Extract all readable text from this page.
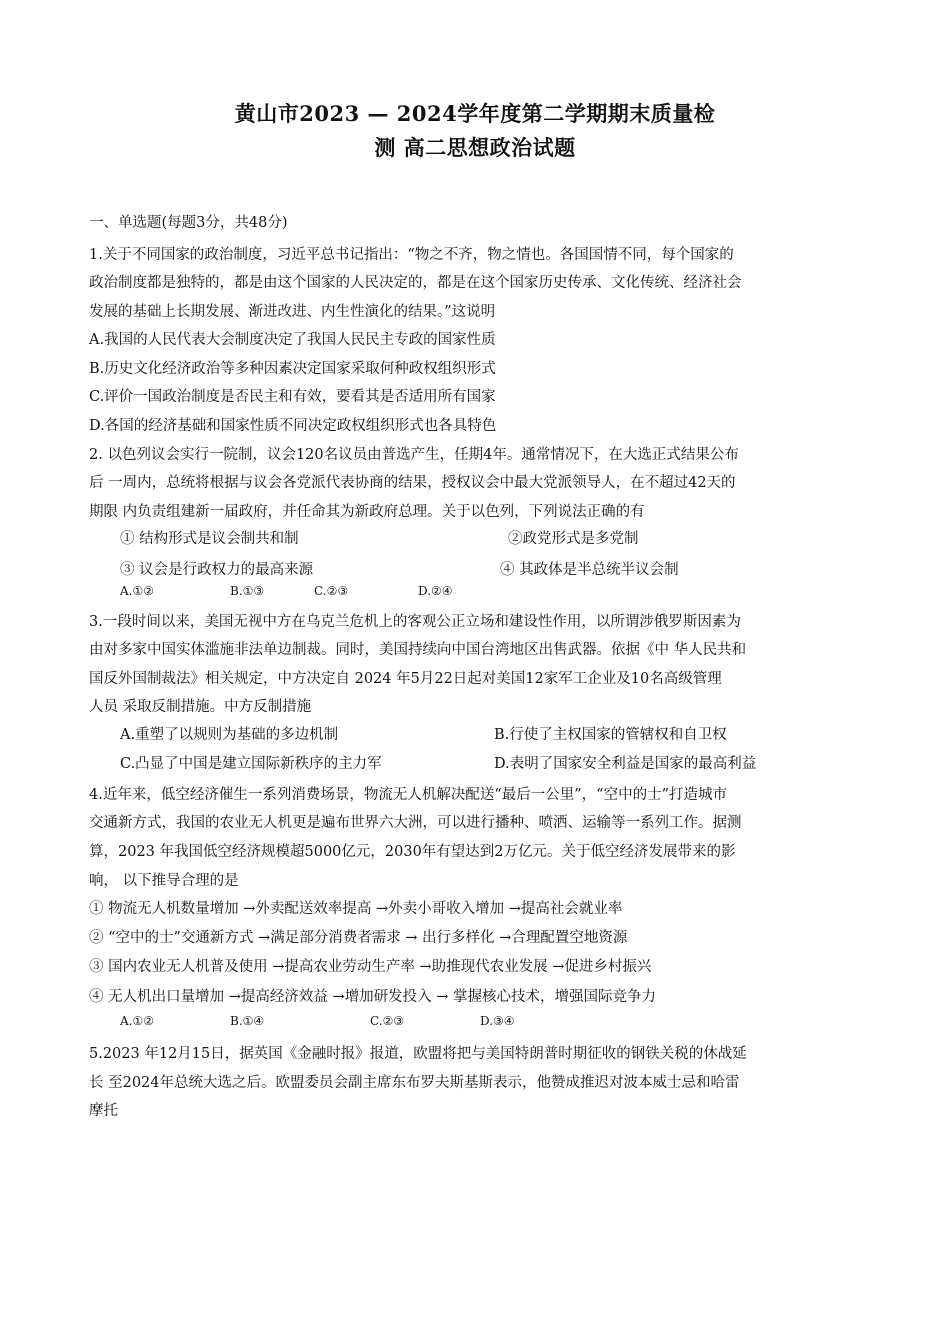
黄山市2023 — 2024学年度第二学期期末质量检
测 高二思想政治试题
一、单选题(每题3分，共48分)
1.关于不同国家的政治制度，习近平总书记指出：“物之不齐，物之情也。各国国情不同，每个国家的
政治制度都是独特的，都是由这个国家的人民决定的，都是在这个国家历史传承、文化传统、经济社会
发展的基础上长期发展、渐进改进、内生性演化的结果。”这说明
A.我国的人民代表大会制度决定了我国人民民主专政的国家性质
B.历史文化经济政治等多种因素决定国家采取何种政权组织形式
C.评价一国政治制度是否民主和有效，要看其是否适用所有国家
D.各国的经济基础和国家性质不同决定政权组织形式也各具特色
2. 以色列议会实行一院制，议会120名议员由普选产生，任期4年。通常情况下，在大选正式结果公布
后 一周内，总统将根据与议会各党派代表协商的结果，授权议会中最大党派领导人，在不超过42天的
期限 内负责组建新一届政府，并任命其为新政府总理。关于以色列，下列说法正确的有
① 结构形式是议会制共和制	②政党形式是多党制
③ 议会是行政权力的最高来源	④ 其政体是半总统半议会制
A.①②	B.①③	C.②③	D.②④
3.一段时间以来，美国无视中方在乌克兰危机上的客观公正立场和建设性作用，以所谓涉俄罗斯因素为
由对多家中国实体滥施非法单边制裁。同时，美国持续向中国台湾地区出售武器。依据《中 华人民共和
国反外国制裁法》相关规定，中方决定自 2024 年5月22日起对美国12家军工企业及10名高级管理
人员 采取反制措施。中方反制措施
A.重塑了以规则为基础的多边机制	B.行使了主权国家的管辖权和自卫权
C.凸显了中国是建立国际新秩序的主力军	D.表明了国家安全利益是国家的最高利益
4.近年来，低空经济催生一系列消费场景，物流无人机解决配送“最后一公里”，“空中的士”打造城市
交通新方式，我国的农业无人机更是遍布世界六大洲，可以进行播种、喷洒、运输等一系列工作。据测
算，2023 年我国低空经济规模超5000亿元，2030年有望达到2万亿元。关于低空经济发展带来的影
响， 以下推导合理的是
① 物流无人机数量增加 →外卖配送效率提高 →外卖小哥收入增加 →提高社会就业率
② “空中的士”交通新方式 →满足部分消费者需求 → 出行多样化 →合理配置空地资源
③ 国内农业无人机普及使用 →提高农业劳动生产率 →助推现代农业发展 →促进乡村振兴
④ 无人机出口量增加 →提高经济效益 →增加研发投入 → 掌握核心技术，增强国际竞争力
A.①②	B.①④	C.②③	D.③④
5.2023 年12月15日，据英国《金融时报》报道，欧盟将把与美国特朗普时期征收的钢铁关税的休战延
长 至2024年总统大选之后。欧盟委员会副主席东布罗夫斯基斯表示，他赞成推迟对波本威士忌和哈雷
摩托
